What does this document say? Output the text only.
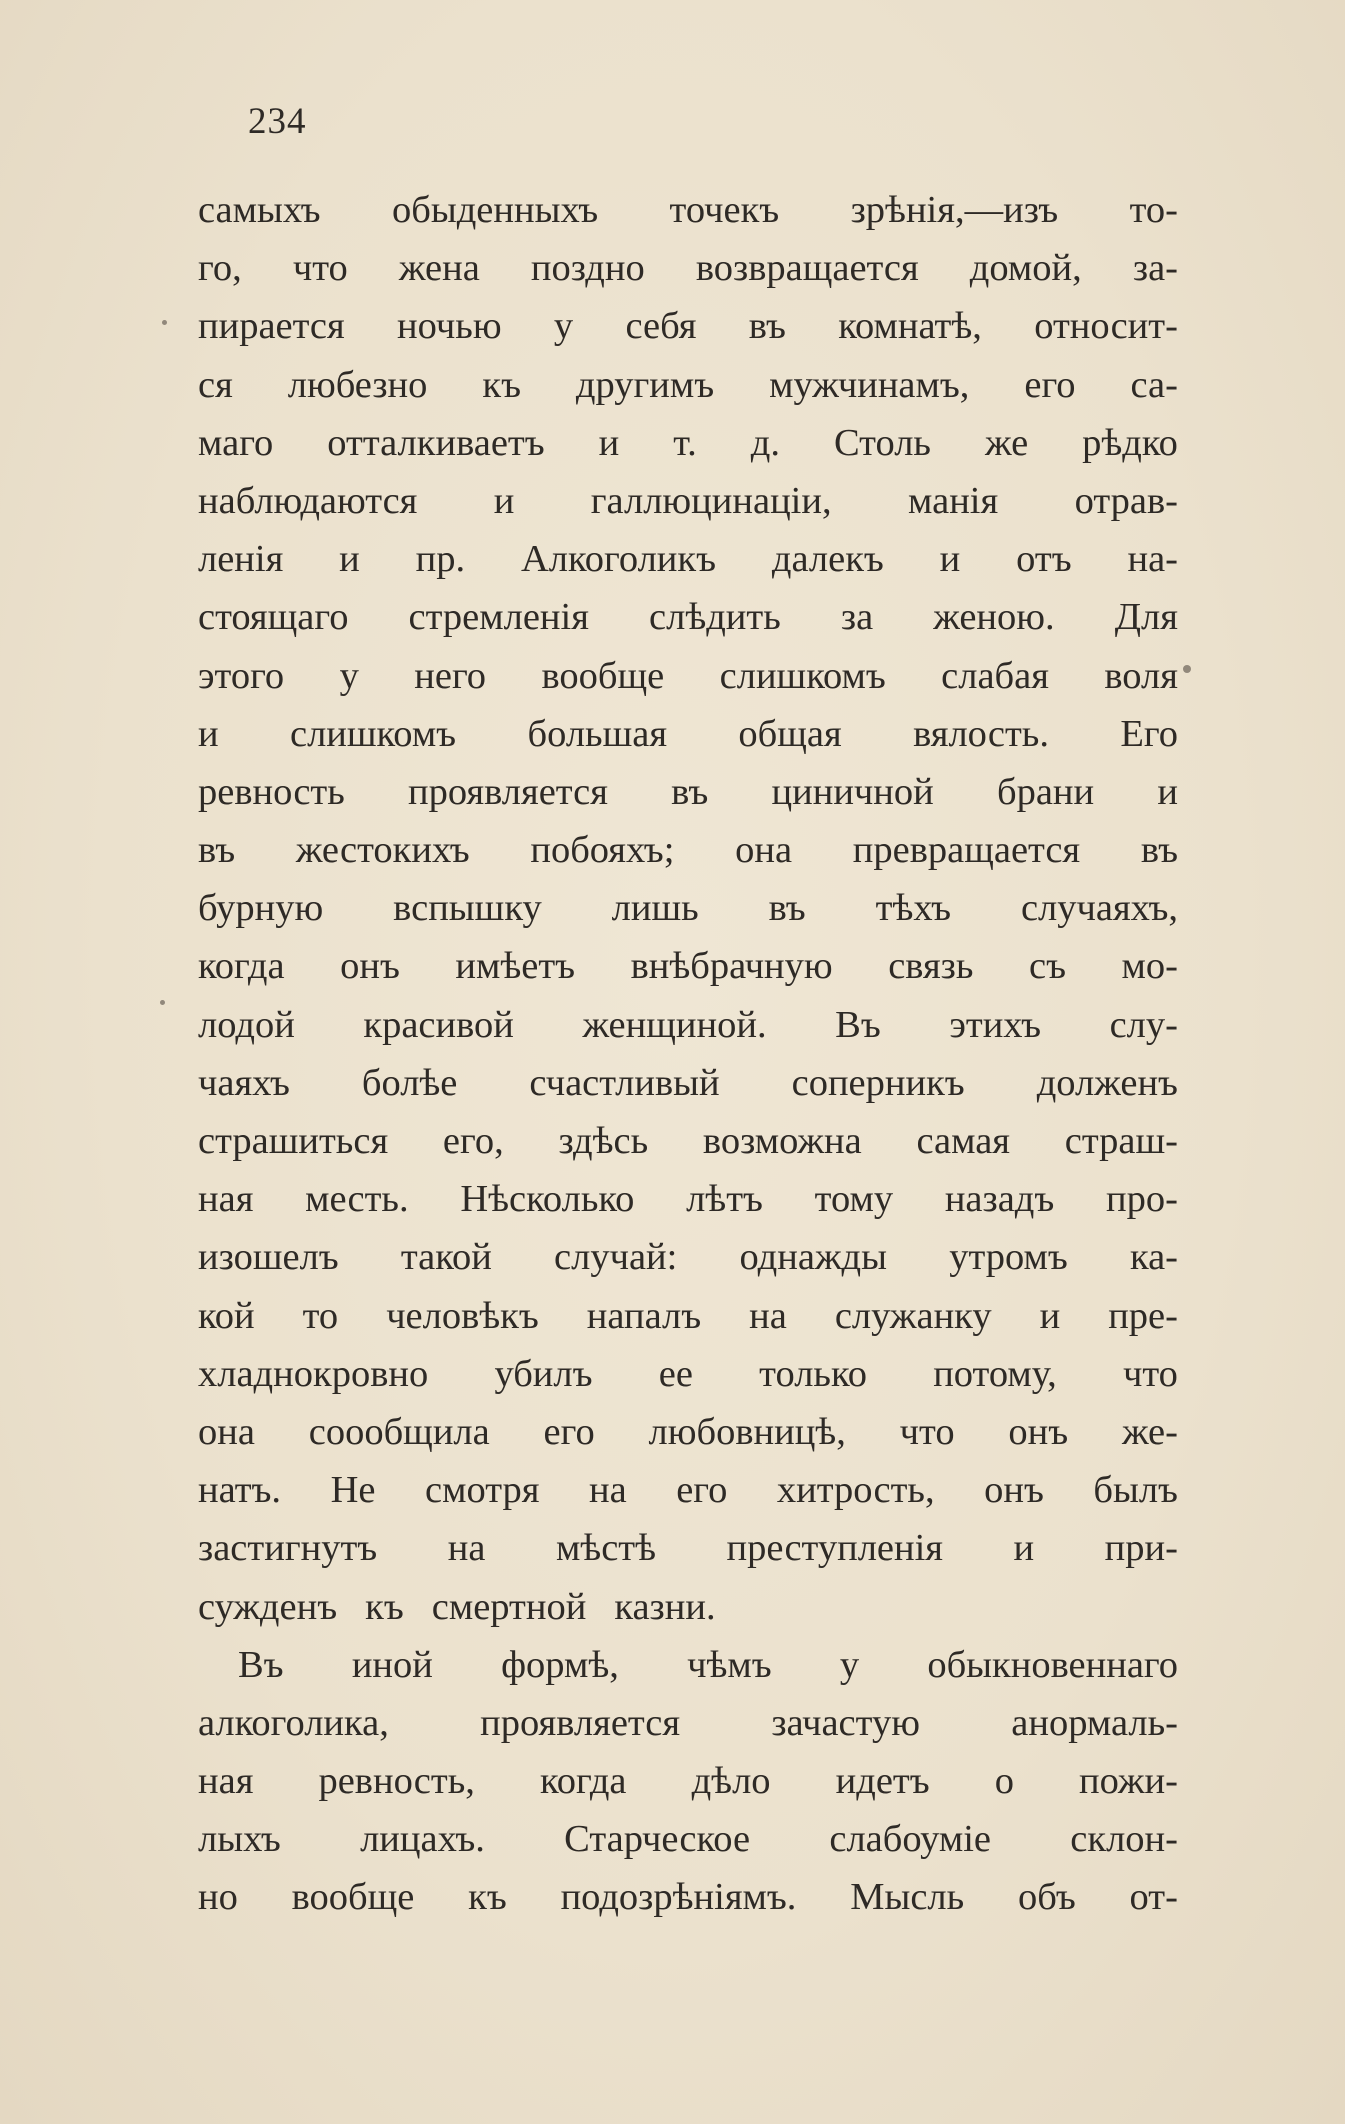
234
самыхъ обыденныхъ точекъ зрѣнія,—изъ то-
го, что жена поздно возвращается домой, за-
пирается ночью у себя въ комнатѣ, относит-
ся любезно къ другимъ мужчинамъ, его са-
маго отталкиваетъ и т. д. Столь же рѣдко
наблюдаются и галлюцинаціи, манія отрав-
ленія и пр. Алкоголикъ далекъ и отъ на-
стоящаго стремленія слѣдить за женою. Для
этого у него вообще слишкомъ слабая воля
и слишкомъ большая общая вялость. Его
ревность проявляется въ циничной брани и
въ жестокихъ побояхъ; она превращается въ
бурную вспышку лишь въ тѣхъ случаяхъ,
когда онъ имѣетъ внѣбрачную связь съ мо-
лодой красивой женщиной. Въ этихъ слу-
чаяхъ болѣе счастливый соперникъ долженъ
страшиться его, здѣсь возможна самая страш-
ная месть. Нѣсколько лѣтъ тому назадъ про-
изошелъ такой случай: однажды утромъ ка-
кой то человѣкъ напалъ на служанку и пре-
хладнокровно убилъ ее только потому, что
она соообщила его любовницѣ, что онъ же-
натъ. Не смотря на его хитрость, онъ былъ
застигнутъ на мѣстѣ преступленія и при-
сужденъ къ смертной казни.
Въ иной формѣ, чѣмъ у обыкновеннаго
алкоголика, проявляется зачастую анормаль-
ная ревность, когда дѣло идетъ о пожи-
лыхъ лицахъ. Старческое слабоуміе склон-
но вообще къ подозрѣніямъ. Мысль объ от-
